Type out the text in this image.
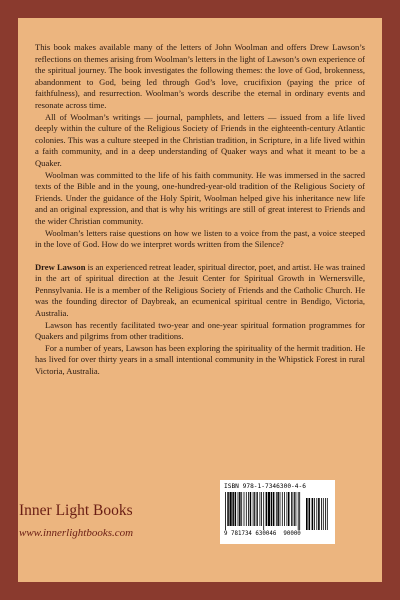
This book makes available many of the letters of John Woolman and offers Drew Lawson’s reflections on themes arising from Woolman’s letters in the light of Lawson’s own experience of the spiritual journey. The book investigates the following themes: the love of God, brokenness, abandonment to God, being led through God’s love, crucifixion (paying the price of faithfulness), and resurrection. Woolman’s words describe the eternal in ordinary events and resonate across time.

All of Woolman’s writings — journal, pamphlets, and letters — issued from a life lived deeply within the culture of the Religious Society of Friends in the eighteenth-century Atlantic colonies. This was a culture steeped in the Christian tradition, in Scripture, in a life lived within a faith community, and in a deep understanding of Quaker ways and what it meant to be a Quaker.

Woolman was committed to the life of his faith community. He was immersed in the sacred texts of the Bible and in the young, one-hundred-year-old tradition of the Religious Society of Friends. Under the guidance of the Holy Spirit, Woolman helped give his inheritance new life and an original expression, and that is why his writings are still of great interest to Friends and the wider Christian community.

Woolman’s letters raise questions on how we listen to a voice from the past, a voice steeped in the love of God. How do we interpret words written from the Silence?

Drew Lawson is an experienced retreat leader, spiritual director, poet, and artist. He was trained in the art of spiritual direction at the Jesuit Center for Spiritual Growth in Wernersville, Pennsylvania. He is a member of the Religious Society of Friends and the Catholic Church. He was the founding director of Daybreak, an ecumenical spiritual centre in Bendigo, Victoria, Australia.

Lawson has recently facilitated two-year and one-year spiritual formation programmes for Quakers and pilgrims from other traditions.

For a number of years, Lawson has been exploring the spirituality of the hermit tradition. He has lived for over thirty years in a small intentional community in the Whipstick Forest in rural Victoria, Australia.

Inner Light Books
www.innerlightbooks.com
ISBN 978-1-7346300-4-6
9 781734 630046 90000
